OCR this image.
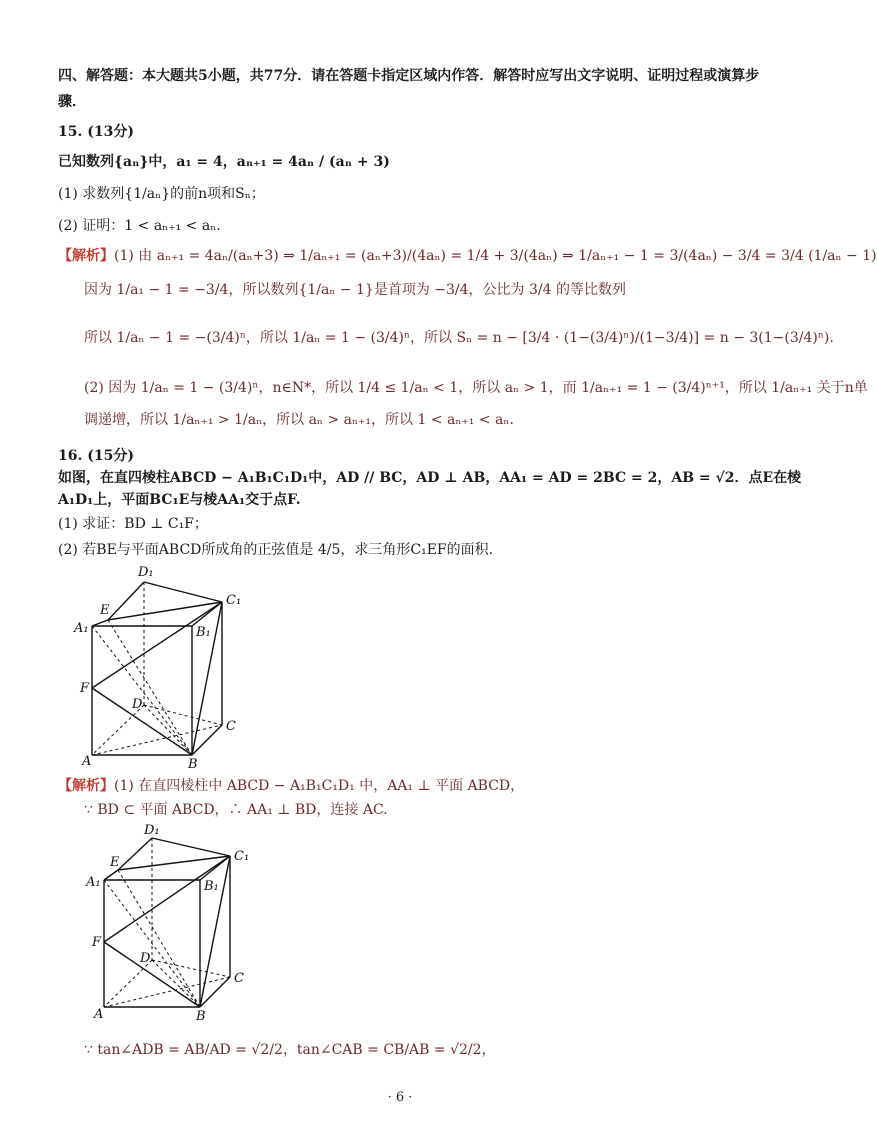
四、解答题：本大题共5小题，共77分．请在答题卡指定区域内作答．解答时应写出文字说明、证明过程或演算步
骤．
15. (13分)
已知数列{aₙ}中，a₁ = 4，aₙ₊₁ = 4aₙ / (aₙ + 3)
(1) 求数列{1/aₙ}的前n项和Sₙ；
(2) 证明：1 < aₙ₊₁ < aₙ.
【解析】(1) 由 aₙ₊₁ = 4aₙ/(aₙ+3) ⇒ 1/aₙ₊₁ = (aₙ+3)/(4aₙ) = 1/4 + 3/(4aₙ) ⇒ 1/aₙ₊₁ − 1 = 3/(4aₙ) − 3/4 = 3/4 (1/aₙ − 1)
因为 1/a₁ − 1 = −3/4，所以数列{1/aₙ − 1}是首项为 −3/4，公比为 3/4 的等比数列
所以 1/aₙ − 1 = −(3/4)ⁿ，所以 1/aₙ = 1 − (3/4)ⁿ，所以 Sₙ = n − [3/4 · (1−(3/4)ⁿ)/(1−3/4)] = n − 3(1−(3/4)ⁿ).
(2) 因为 1/aₙ = 1 − (3/4)ⁿ，n∈N*，所以 1/4 ≤ 1/aₙ < 1，所以 aₙ > 1，而 1/aₙ₊₁ = 1 − (3/4)ⁿ⁺¹，所以 1/aₙ₊₁ 关于n单
调递增，所以 1/aₙ₊₁ > 1/aₙ，所以 aₙ > aₙ₊₁，所以 1 < aₙ₊₁ < aₙ.
16. (15分)
如图，在直四棱柱ABCD − A₁B₁C₁D₁中，AD // BC，AD ⊥ AB，AA₁ = AD = 2BC = 2，AB = √2．点E在棱
A₁D₁上，平面BC₁E与棱AA₁交于点F.
(1) 求证：BD ⊥ C₁F；
(2) 若BE与平面ABCD所成角的正弦值是 4/5，求三角形C₁EF的面积.
D₁
C₁
E
A₁	B₁
F
D
C
A	B
【解析】(1) 在直四棱柱中 ABCD − A₁B₁C₁D₁ 中，AA₁ ⊥ 平面 ABCD，
∵ BD ⊂ 平面 ABCD，∴ AA₁ ⊥ BD，连接 AC.
D₁
C₁
E
A₁	B₁
F
D
C
A	B
∵ tan∠ADB = AB/AD = √2/2，tan∠CAB = CB/AB = √2/2，
· 6 ·
